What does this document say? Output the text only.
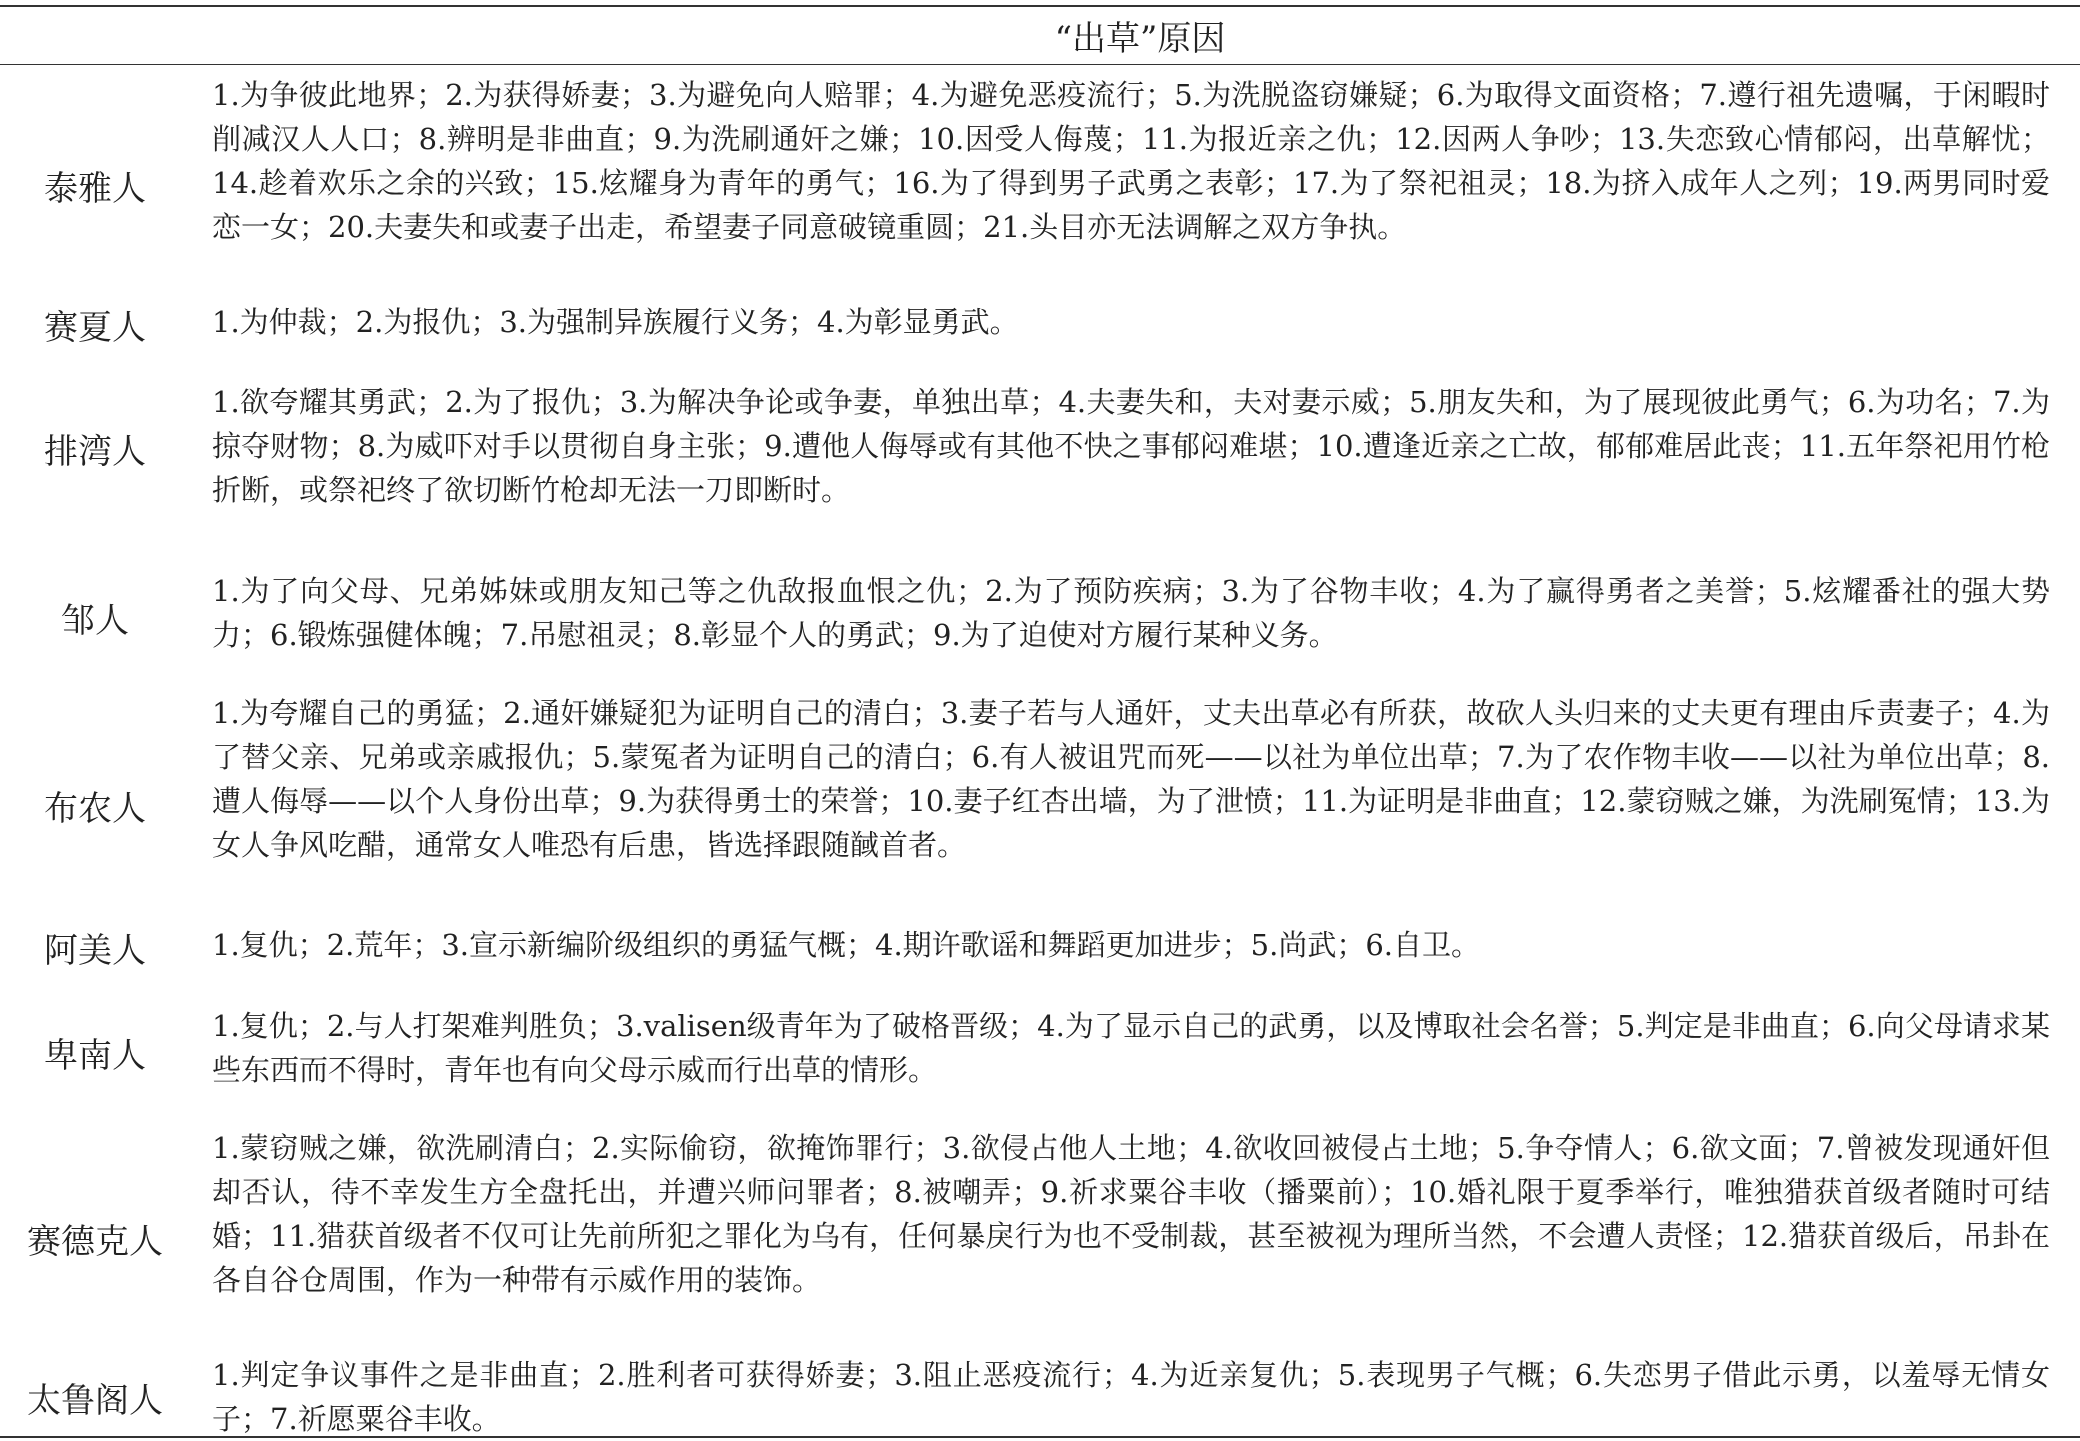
“出草”原因
泰雅人

1.为争彼此地界；2.为获得娇妻；3.为避免向人赔罪；4.为避免恶疫流行；5.为洗脱盗窃嫌疑；6.为取得文面资格；7.遵行祖先遗嘱，于闲暇时削减汉人人口；8.辨明是非曲直；9.为洗刷通奸之嫌；10.因受人侮蔑；11.为报近亲之仇；12.因两人争吵；13.失恋致心情郁闷，出草解忧；14.趁着欢乐之余的兴致；15.炫耀身为青年的勇气；16.为了得到男子武勇之表彰；17.为了祭祀祖灵；18.为挤入成年人之列；19.两男同时爱恋一女；20.夫妻失和或妻子出走，希望妻子同意破镜重圆；21.头目亦无法调解之双方争执。

赛夏人	1.为仲裁；2.为报仇；3.为强制异族履行义务；4.为彰显勇武。

排湾人

1.欲夸耀其勇武；2.为了报仇；3.为解决争论或争妻，单独出草；4.夫妻失和，夫对妻示威；5.朋友失和，为了展现彼此勇气；6.为功名；7.为掠夺财物；8.为威吓对手以贯彻自身主张；9.遭他人侮辱或有其他不快之事郁闷难堪；10.遭逢近亲之亡故，郁郁难居此丧；11.五年祭祀用竹枪折断，或祭祀终了欲切断竹枪却无法一刀即断时。

邹人

1.为了向父母、兄弟姊妹或朋友知己等之仇敌报血恨之仇；2.为了预防疾病；3.为了谷物丰收；4.为了赢得勇者之美誉；5.炫耀番社的强大势力；6.锻炼强健体魄；7.吊慰祖灵；8.彰显个人的勇武；9.为了迫使对方履行某种义务。

布农人

1.为夸耀自己的勇猛；2.通奸嫌疑犯为证明自己的清白；3.妻子若与人通奸，丈夫出草必有所获，故砍人头归来的丈夫更有理由斥责妻子；4.为了替父亲、兄弟或亲戚报仇；5.蒙冤者为证明自己的清白；6.有人被诅咒而死——以社为单位出草；7.为了农作物丰收——以社为单位出草；8.遭人侮辱——以个人身份出草；9.为获得勇士的荣誉；10.妻子红杏出墙，为了泄愤；11.为证明是非曲直；12.蒙窃贼之嫌，为洗刷冤情；13.为女人争风吃醋，通常女人唯恐有后患，皆选择跟随馘首者。

阿美人	1.复仇；2.荒年；3.宣示新编阶级组织的勇猛气概；4.期许歌谣和舞蹈更加进步；5.尚武；6.自卫。

卑南人

1.复仇；2.与人打架难判胜负；3.valisen级青年为了破格晋级；4.为了显示自己的武勇，以及博取社会名誉；5.判定是非曲直；6.向父母请求某些东西而不得时，青年也有向父母示威而行出草的情形。

赛德克人

1.蒙窃贼之嫌，欲洗刷清白；2.实际偷窃，欲掩饰罪行；3.欲侵占他人土地；4.欲收回被侵占土地；5.争夺情人；6.欲文面；7.曾被发现通奸但却否认，待不幸发生方全盘托出，并遭兴师问罪者；8.被嘲弄；9.祈求粟谷丰收（播粟前）；10.婚礼限于夏季举行，唯独猎获首级者随时可结婚；11.猎获首级者不仅可让先前所犯之罪化为乌有，任何暴戾行为也不受制裁，甚至被视为理所当然，不会遭人责怪；12.猎获首级后，吊卦在各自谷仓周围，作为一种带有示威作用的装饰。

太鲁阁人

1.判定争议事件之是非曲直；2.胜利者可获得娇妻；3.阻止恶疫流行；4.为近亲复仇；5.表现男子气概；6.失恋男子借此示勇，以羞辱无情女子；7.祈愿粟谷丰收。
